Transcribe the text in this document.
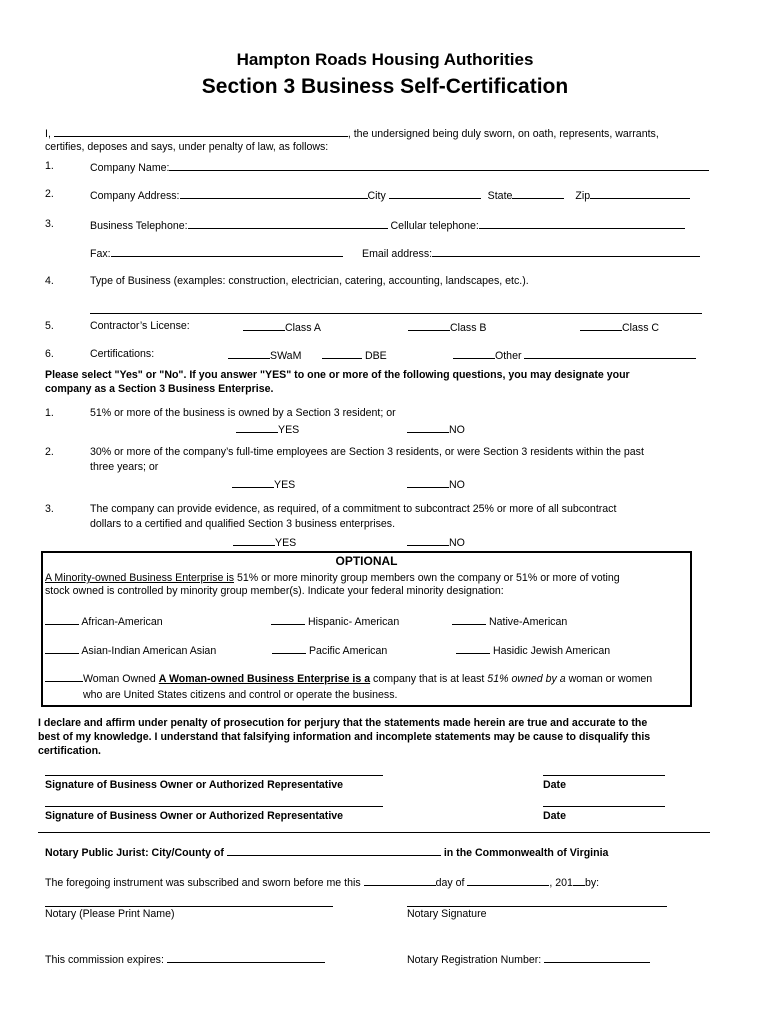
Hampton Roads Housing Authorities
Section 3 Business Self-Certification
I,	, the undersigned being duly sworn, on oath, represents, warrants,
certifies, deposes and says, under penalty of law, as follows:
1.	Company Name:
2.	Company Address:	City	State	Zip
3.	Business Telephone:	Cellular telephone:
Fax:	Email address:
4.	Type of Business (examples: construction, electrician, catering, accounting, landscapes, etc.).
5.	Contractor’s License:	Class A	Class B	Class C
6.	Certifications:	SWaM	DBE	Other
Please select "Yes" or "No". If you answer "YES" to one or more of the following questions, you may designate your
company as a Section 3 Business Enterprise.
1.	51% or more of the business is owned by a Section 3 resident; or
YES	NO
2.	30% or more of the company’s full-time employees are Section 3 residents, or were Section 3 residents within the past
three years; or
YES	NO
3.	The company can provide evidence, as required, of a commitment to subcontract 25% or more of all subcontract
dollars to a certified and qualified Section 3 business enterprises.
YES	NO
OPTIONAL
A Minority-owned Business Enterprise is 51% or more minority group members own the company or 51% or more of voting
stock owned is controlled by minority group member(s). Indicate your federal minority designation:
African-American	Hispanic- American	Native-American
Asian-Indian American Asian	Pacific American	Hasidic Jewish American
Woman Owned A Woman-owned Business Enterprise is a company that is at least 51% owned by a woman or women
who are United States citizens and control or operate the business.
I declare and affirm under penalty of prosecution for perjury that the statements made herein are true and accurate to the
best of my knowledge. I understand that falsifying information and incomplete statements may be cause to disqualify this
certification.
Signature of Business Owner or Authorized Representative	Date
Signature of Business Owner or Authorized Representative	Date
Notary Public Jurist: City/County of	in the Commonwealth of Virginia
The foregoing instrument was subscribed and sworn before me this	day of	, 201 by:
Notary (Please Print Name)	Notary Signature
This commission expires:	Notary Registration Number:
